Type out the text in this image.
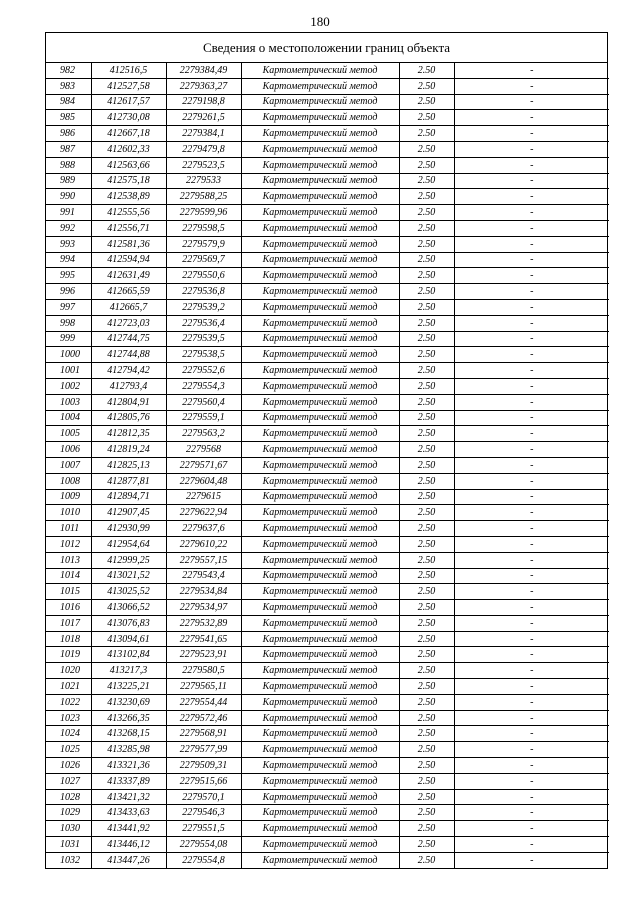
180
Сведения о местоположении границ объекта
982	412516,5	2279384,49	Картометрический метод	2.50	-
983	412527,58	2279363,27	Картометрический метод	2.50	-
984	412617,57	2279198,8	Картометрический метод	2.50	-
985	412730,08	2279261,5	Картометрический метод	2.50	-
986	412667,18	2279384,1	Картометрический метод	2.50	-
987	412602,33	2279479,8	Картометрический метод	2.50	-
988	412563,66	2279523,5	Картометрический метод	2.50	-
989	412575,18	2279533	Картометрический метод	2.50	-
990	412538,89	2279588,25	Картометрический метод	2.50	-
991	412555,56	2279599,96	Картометрический метод	2.50	-
992	412556,71	2279598,5	Картометрический метод	2.50	-
993	412581,36	2279579,9	Картометрический метод	2.50	-
994	412594,94	2279569,7	Картометрический метод	2.50	-
995	412631,49	2279550,6	Картометрический метод	2.50	-
996	412665,59	2279536,8	Картометрический метод	2.50	-
997	412665,7	2279539,2	Картометрический метод	2.50	-
998	412723,03	2279536,4	Картометрический метод	2.50	-
999	412744,75	2279539,5	Картометрический метод	2.50	-
1000	412744,88	2279538,5	Картометрический метод	2.50	-
1001	412794,42	2279552,6	Картометрический метод	2.50	-
1002	412793,4	2279554,3	Картометрический метод	2.50	-
1003	412804,91	2279560,4	Картометрический метод	2.50	-
1004	412805,76	2279559,1	Картометрический метод	2.50	-
1005	412812,35	2279563,2	Картометрический метод	2.50	-
1006	412819,24	2279568	Картометрический метод	2.50	-
1007	412825,13	2279571,67	Картометрический метод	2.50	-
1008	412877,81	2279604,48	Картометрический метод	2.50	-
1009	412894,71	2279615	Картометрический метод	2.50	-
1010	412907,45	2279622,94	Картометрический метод	2.50	-
1011	412930,99	2279637,6	Картометрический метод	2.50	-
1012	412954,64	2279610,22	Картометрический метод	2.50	-
1013	412999,25	2279557,15	Картометрический метод	2.50	-
1014	413021,52	2279543,4	Картометрический метод	2.50	-
1015	413025,52	2279534,84	Картометрический метод	2.50	-
1016	413066,52	2279534,97	Картометрический метод	2.50	-
1017	413076,83	2279532,89	Картометрический метод	2.50	-
1018	413094,61	2279541,65	Картометрический метод	2.50	-
1019	413102,84	2279523,91	Картометрический метод	2.50	-
1020	413217,3	2279580,5	Картометрический метод	2.50	-
1021	413225,21	2279565,11	Картометрический метод	2.50	-
1022	413230,69	2279554,44	Картометрический метод	2.50	-
1023	413266,35	2279572,46	Картометрический метод	2.50	-
1024	413268,15	2279568,91	Картометрический метод	2.50	-
1025	413285,98	2279577,99	Картометрический метод	2.50	-
1026	413321,36	2279509,31	Картометрический метод	2.50	-
1027	413337,89	2279515,66	Картометрический метод	2.50	-
1028	413421,32	2279570,1	Картометрический метод	2.50	-
1029	413433,63	2279546,3	Картометрический метод	2.50	-
1030	413441,92	2279551,5	Картометрический метод	2.50	-
1031	413446,12	2279554,08	Картометрический метод	2.50	-
1032	413447,26	2279554,8	Картометрический метод	2.50	-
